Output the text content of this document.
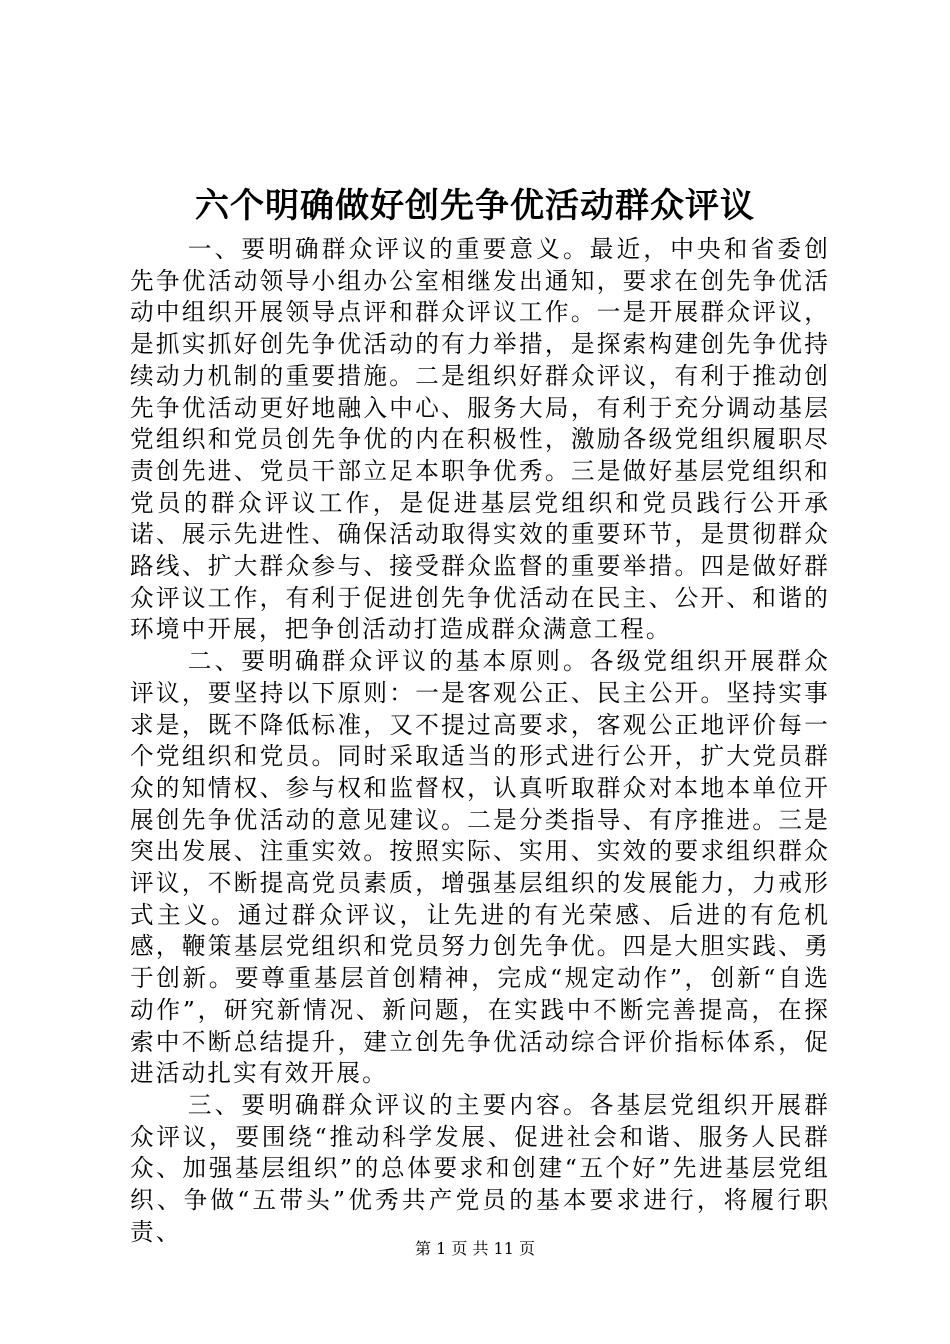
六个明确做好创先争优活动群众评议

一、要明确群众评议的重要意义。最近，中央和省委创先争优活动领导小组办公室相继发出通知，要求在创先争优活动中组织开展领导点评和群众评议工作。一是开展群众评议，是抓实抓好创先争优活动的有力举措，是探索构建创先争优持续动力机制的重要措施。二是组织好群众评议，有利于推动创先争优活动更好地融入中心、服务大局，有利于充分调动基层党组织和党员创先争优的内在积极性，激励各级党组织履职尽责创先进、党员干部立足本职争优秀。三是做好基层党组织和党员的群众评议工作，是促进基层党组织和党员践行公开承诺、展示先进性、确保活动取得实效的重要环节，是贯彻群众路线、扩大群众参与、接受群众监督的重要举措。四是做好群众评议工作，有利于促进创先争优活动在民主、公开、和谐的环境中开展，把争创活动打造成群众满意工程。

二、要明确群众评议的基本原则。各级党组织开展群众评议，要坚持以下原则：一是客观公正、民主公开。坚持实事求是，既不降低标准，又不提过高要求，客观公正地评价每一个党组织和党员。同时采取适当的形式进行公开，扩大党员群众的知情权、参与权和监督权，认真听取群众对本地本单位开展创先争优活动的意见建议。二是分类指导、有序推进。三是突出发展、注重实效。按照实际、实用、实效的要求组织群众评议，不断提高党员素质，增强基层组织的发展能力，力戒形式主义。通过群众评议，让先进的有光荣感、后进的有危机感，鞭策基层党组织和党员努力创先争优。四是大胆实践、勇于创新。要尊重基层首创精神，完成“规定动作”，创新“自选动作”，研究新情况、新问题，在实践中不断完善提高，在探索中不断总结提升，建立创先争优活动综合评价指标体系，促进活动扎实有效开展。

三、要明确群众评议的主要内容。各基层党组织开展群众评议，要围绕“推动科学发展、促进社会和谐、服务人民群众、加强基层组织”的总体要求和创建“五个好”先进基层党组织、争做“五带头”优秀共产党员的基本要求进行，将履行职责、

第 1 页 共 11 页
